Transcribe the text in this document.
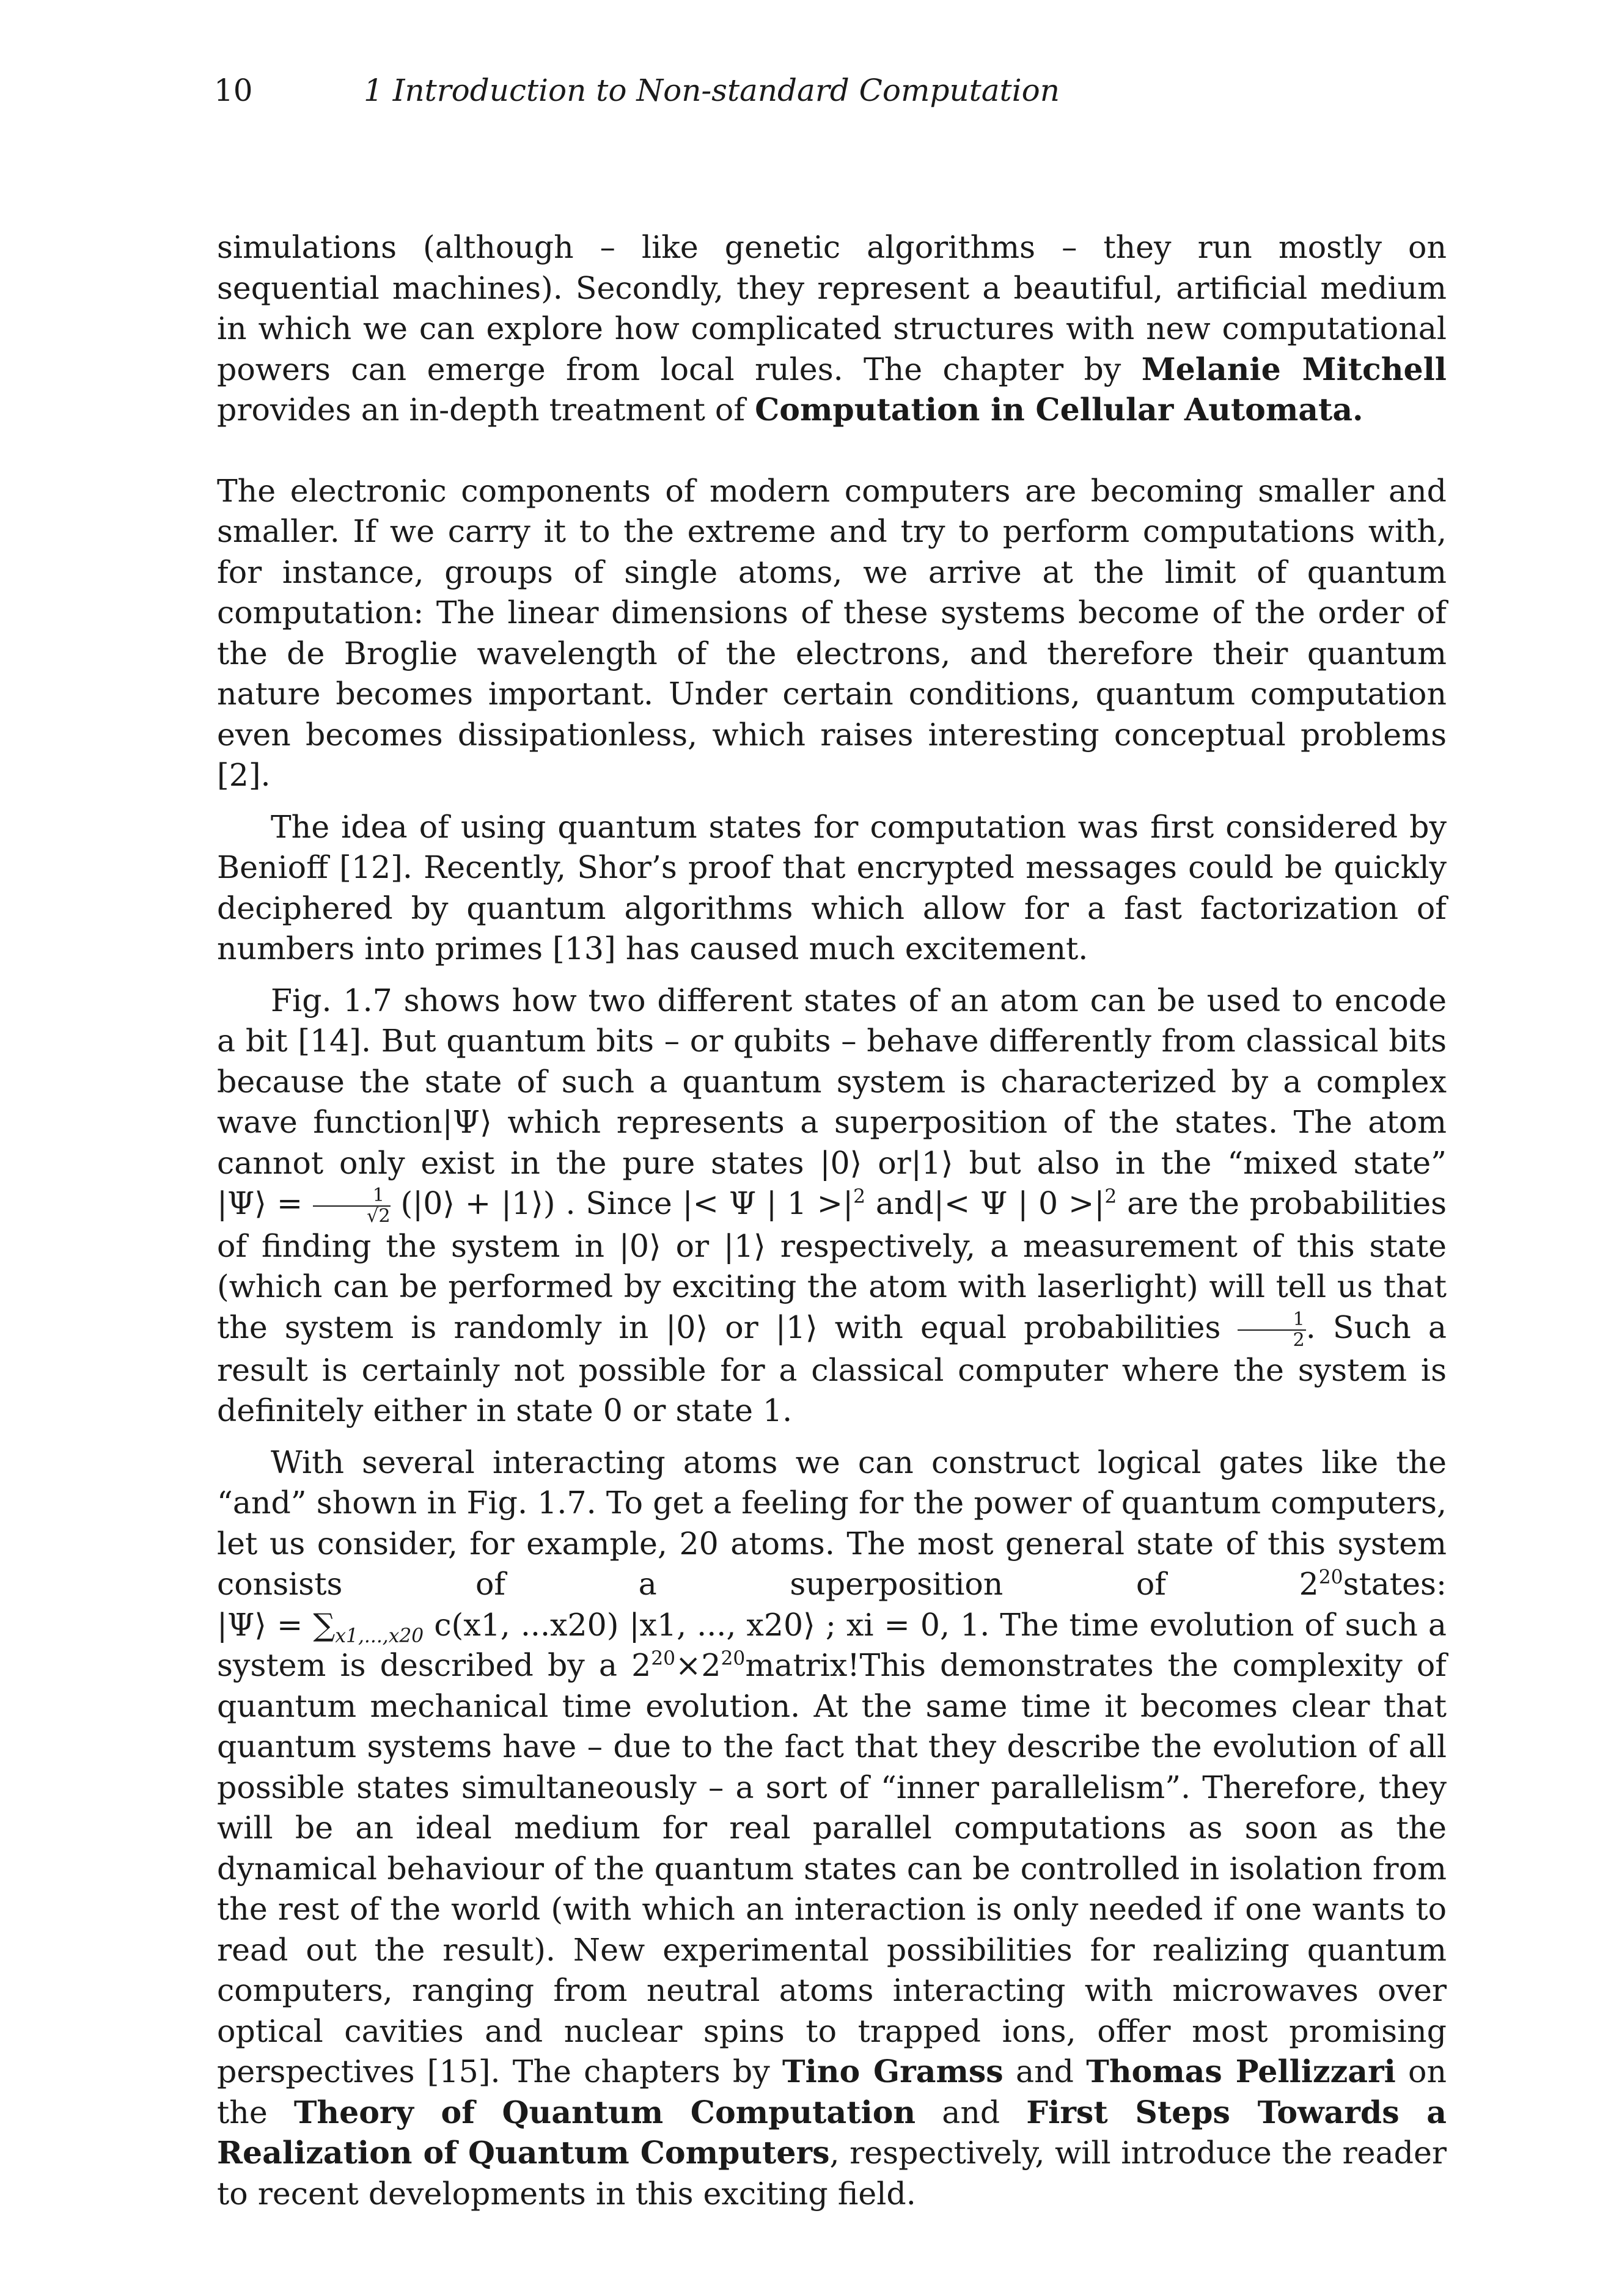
10	1 Introduction to Non-standard Computation

simulations (although – like genetic algorithms – they run mostly on sequential machines). Secondly, they represent a beautiful, artificial medium in which we can explore how complicated structures with new computational powers can emerge from local rules. The chapter by Melanie Mitchell provides an in-depth treatment of Computation in Cellular Automata.

The electronic components of modern computers are becoming smaller and smaller. If we carry it to the extreme and try to perform computations with, for instance, groups of single atoms, we arrive at the limit of quantum computation: The linear dimensions of these systems become of the order of the de Broglie wavelength of the electrons, and therefore their quantum nature becomes important. Under certain conditions, quantum computation even becomes dissipationless, which raises interesting conceptual problems [2].

The idea of using quantum states for computation was first considered by Benioff [12]. Recently, Shor’s proof that encrypted messages could be quickly deciphered by quantum algorithms which allow for a fast factorization of numbers into primes [13] has caused much excitement.

Fig. 1.7 shows how two different states of an atom can be used to encode a bit [14]. But quantum bits – or qubits – behave differently from classical bits because the state of such a quantum system is characterized by a complex wave function|Ψ⟩ which represents a superposition of the states. The atom cannot only exist in the pure states |0⟩ or|1⟩ but also in the “mixed state” |Ψ⟩ = $\frac{1}{√2}$ (|0⟩ + |1⟩) . Since |< Ψ | $1 >|^2$ and|< Ψ | $0 >|^2$ are the probabilities of finding the system in |0⟩ or |1⟩ respectively, a measurement of this state (which can be performed by exciting the atom with laserlight) will tell us that the system is randomly in |0⟩ or |1⟩ with equal probabilities $\frac{1}{2}$ . Such a result is certainly not possible for a classical computer where the system is definitely either in state 0 or state 1.

With several interacting atoms we can construct logical gates like the “and” shown in Fig. 1.7. To get a feeling for the power of quantum computers, let us consider, for example, 20 atoms. The most general state of this system consists of a superposition of $2^{20}states$: |Ψ⟩ = $\sum_{x1,...,x20}$ c(x1, ...x20) |x1, ..., x20⟩ ; xi = 0, 1. The time evolution of such a system is described by a $2^{20}\times 2^{20}matrix!This$ demonstrates the complexity of quantum mechanical time evolution. At the same time it becomes clear that quantum systems have – due to the fact that they describe the evolution of all possible states simultaneously – a sort of “inner parallelism”. Therefore, they will be an ideal medium for real parallel computations as soon as the dynamical behaviour of the quantum states can be controlled in isolation from the rest of the world (with which an interaction is only needed if one wants to read out the result). New experimental possibilities for realizing quantum computers, ranging from neutral atoms interacting with microwaves over optical cavities and nuclear spins to trapped ions, offer most promising perspectives [15]. The chapters by Tino Gramss and Thomas Pellizzari on the Theory of Quantum Computation and First Steps Towards a Realization of Quantum Computers, respectively, will introduce the reader to recent developments in this exciting field.
